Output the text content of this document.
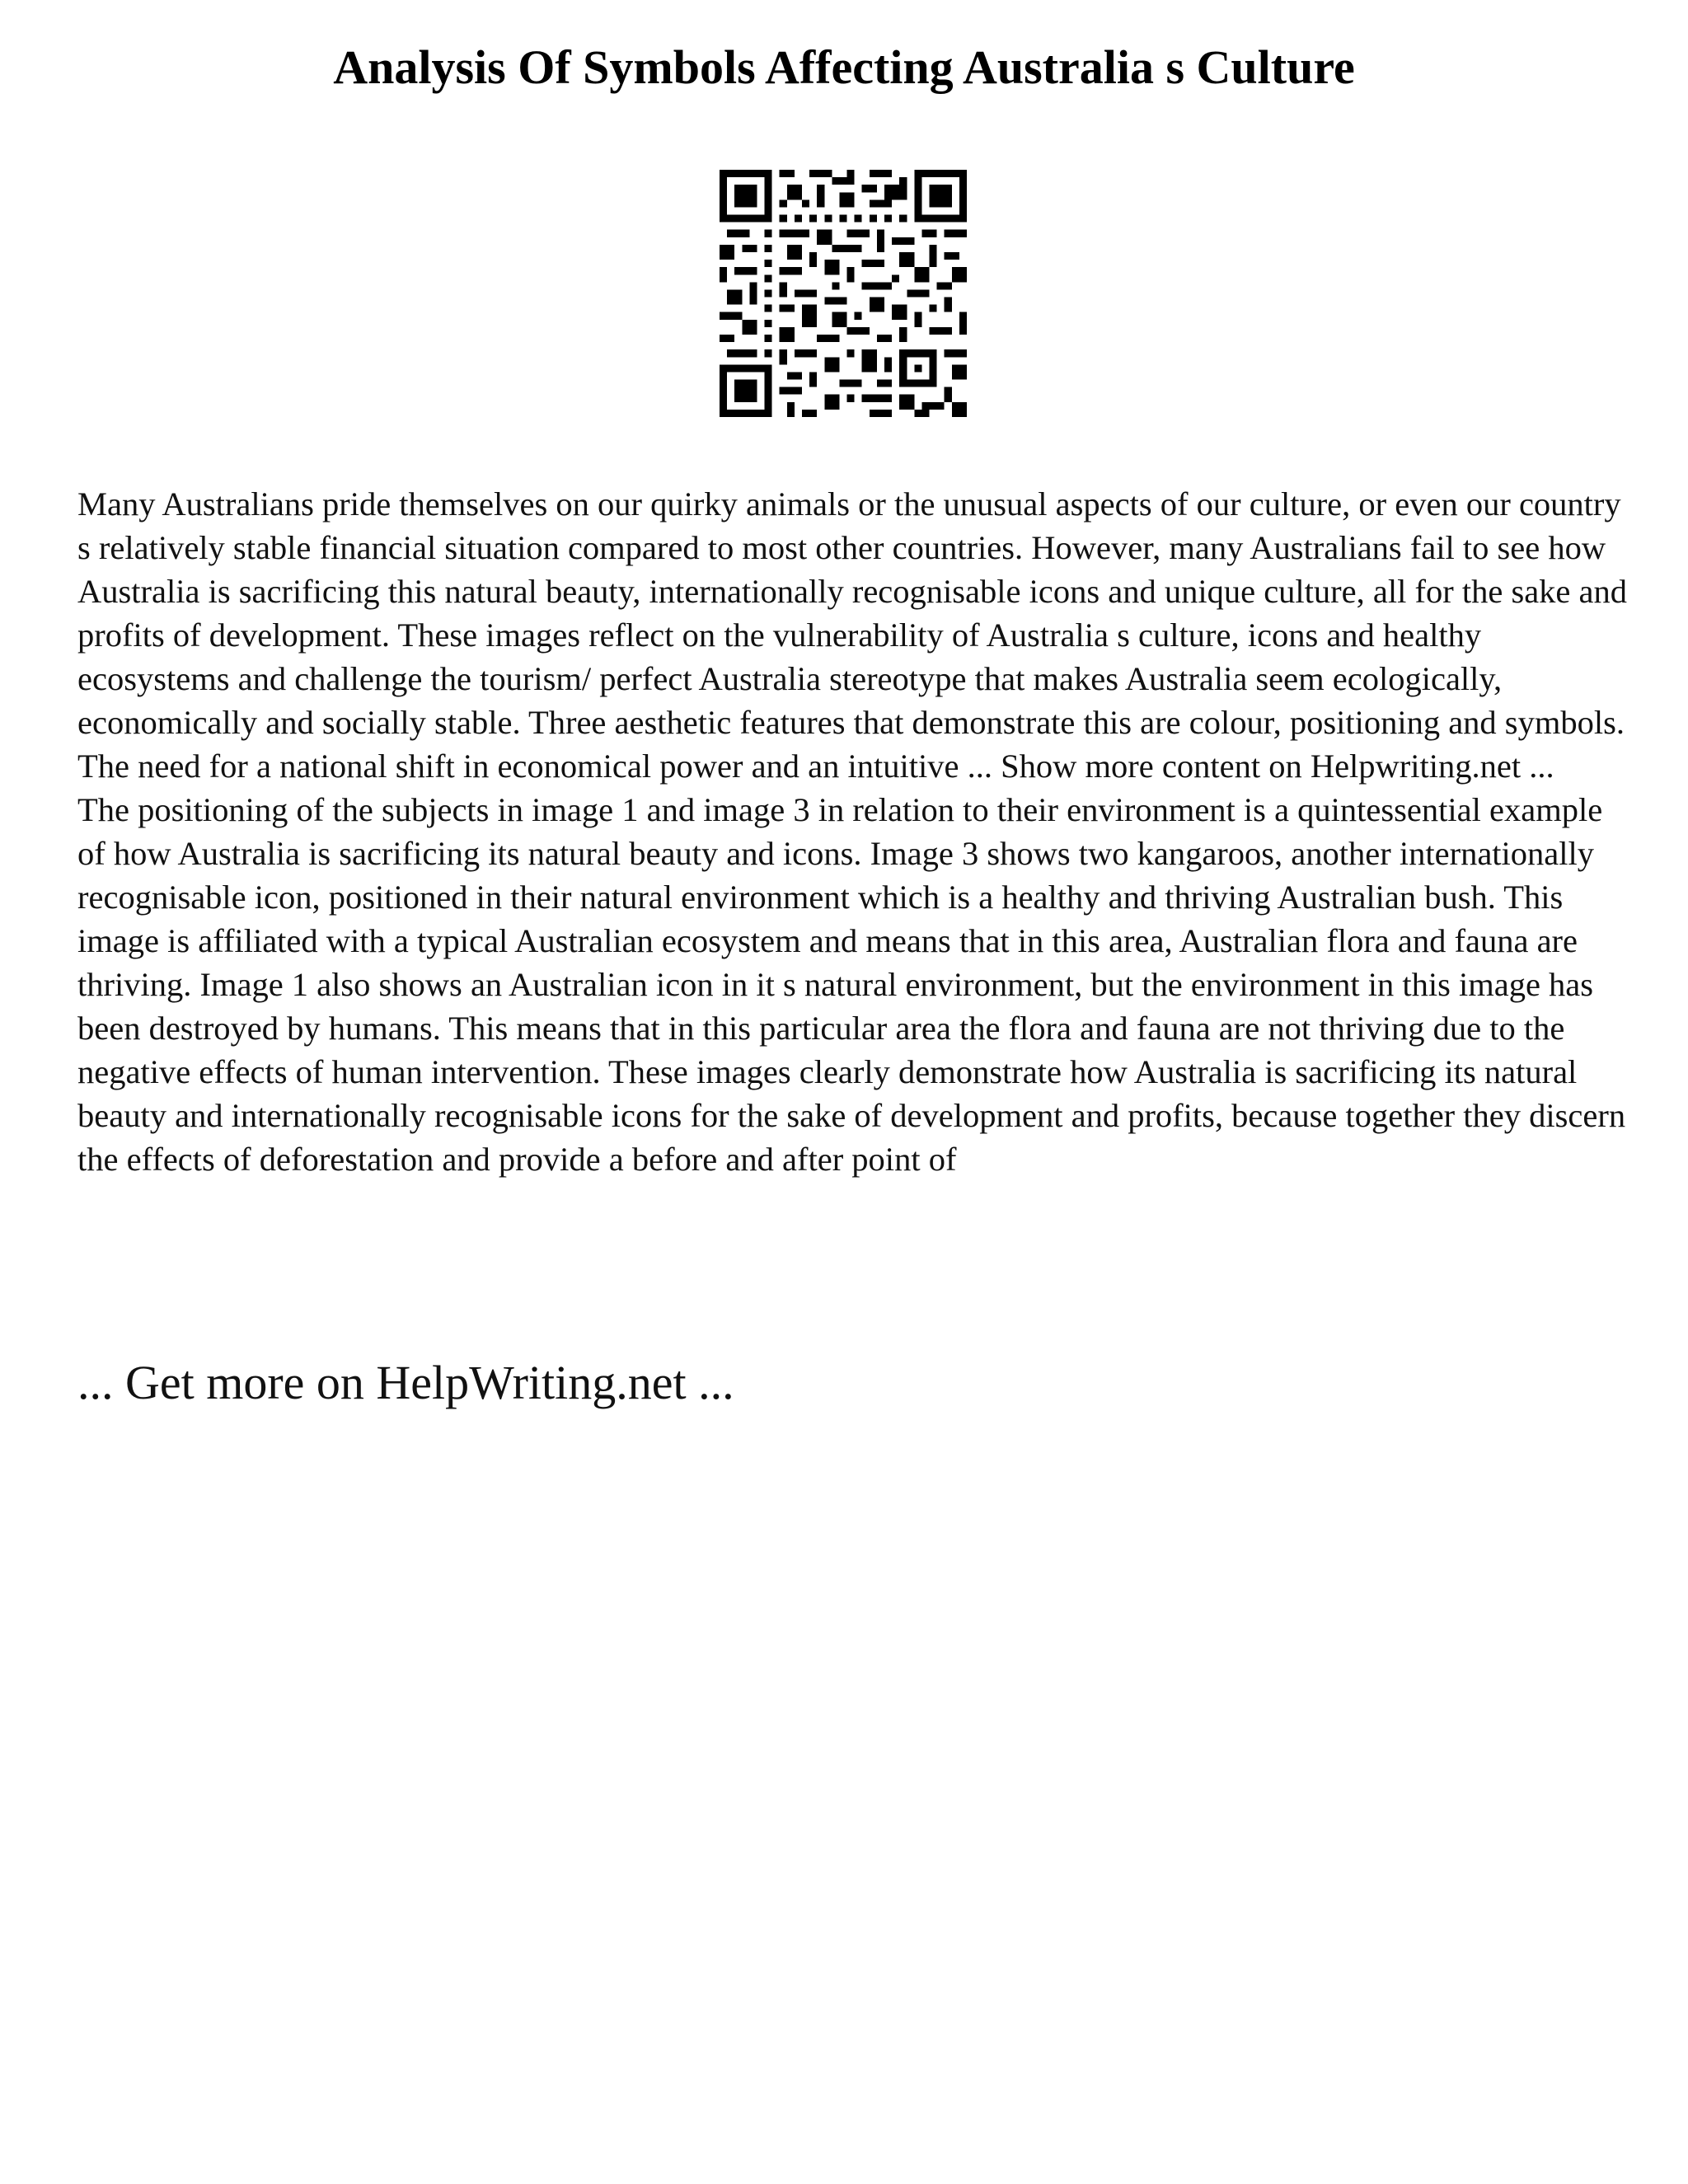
Analysis Of Symbols Affecting Australia s Culture

Many Australians pride themselves on our quirky animals or the unusual aspects of our culture, or even our country s relatively stable financial situation compared to most other countries. However, many Australians fail to see how Australia is sacrificing this natural beauty, internationally recognisable icons and unique culture, all for the sake and profits of development. These images reflect on the vulnerability of Australia s culture, icons and healthy ecosystems and challenge the tourism/ perfect Australia stereotype that makes Australia seem ecologically, economically and socially stable. Three aesthetic features that demonstrate this are colour, positioning and symbols. The need for a national shift in economical power and an intuitive ... Show more content on Helpwriting.net ...

The positioning of the subjects in image 1 and image 3 in relation to their environment is a quintessential example of how Australia is sacrificing its natural beauty and icons. Image 3 shows two kangaroos, another internationally recognisable icon, positioned in their natural environment which is a healthy and thriving Australian bush. This image is affiliated with a typical Australian ecosystem and means that in this area, Australian flora and fauna are thriving. Image 1 also shows an Australian icon in it s natural environment, but the environment in this image has been destroyed by humans. This means that in this particular area the flora and fauna are not thriving due to the negative effects of human intervention. These images clearly demonstrate how Australia is sacrificing its natural beauty and internationally recognisable icons for the sake of development and profits, because together they discern the effects of deforestation and provide a before and after point of

... Get more on HelpWriting.net ...
